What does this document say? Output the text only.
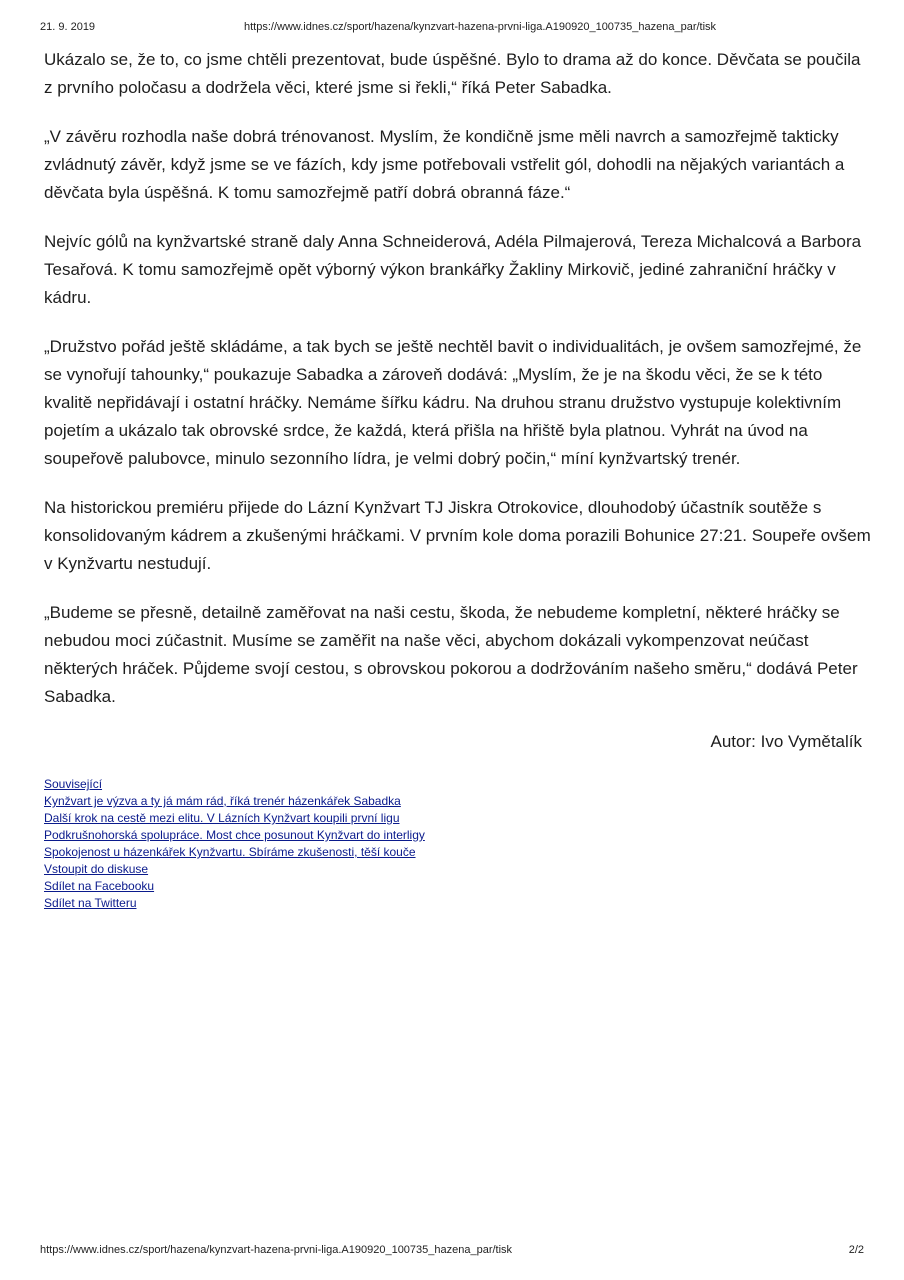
21. 9. 2019	https://www.idnes.cz/sport/hazena/kynzvart-hazena-prvni-liga.A190920_100735_hazena_par/tisk

Ukázalo se, že to, co jsme chtěli prezentovat, bude úspěšné. Bylo to drama až do konce. Děvčata se poučila z prvního poločasu a dodržela věci, které jsme si řekli,“ říká Peter Sabadka.

„V závěru rozhodla naše dobrá trénovanost. Myslím, že kondičně jsme měli navrch a samozřejmě takticky zvládnutý závěr, když jsme se ve fázích, kdy jsme potřebovali vstřelit gól, dohodli na nějakých variantách a děvčata byla úspěšná. K tomu samozřejmě patří dobrá obranná fáze.“

Nejvíc gólů na kynžvartské straně daly Anna Schneiderová, Adéla Pilmajerová, Tereza Michalcová a Barbora Tesařová. K tomu samozřejmě opět výborný výkon brankářky Žakliny Mirkovič, jediné zahraniční hráčky v kádru.

„Družstvo pořád ještě skládáme, a tak bych se ještě nechtěl bavit o individualitách, je ovšem samozřejmé, že se vynořují tahounky,“ poukazuje Sabadka a zároveň dodává: „Myslím, že je na škodu věci, že se k této kvalitě nepřidávají i ostatní hráčky. Nemáme šířku kádru. Na druhou stranu družstvo vystupuje kolektivním pojetím a ukázalo tak obrovské srdce, že každá, která přišla na hřiště byla platnou. Vyhrát na úvod na soupeřově palubovce, minulo sezonního lídra, je velmi dobrý počin,“ míní kynžvartský trenér.

Na historickou premiéru přijede do Lázní Kynžvart TJ Jiskra Otrokovice, dlouhodobý účastník soutěže s konsolidovaným kádrem a zkušenými hráčkami. V prvním kole doma porazili Bohunice 27:21. Soupeře ovšem v Kynžvartu nestudují.

„Budeme se přesně, detailně zaměřovat na naši cestu, škoda, že nebudeme kompletní, některé hráčky se nebudou moci zúčastnit. Musíme se zaměřit na naše věci, abychom dokázali vykompenzovat neúčast některých hráček. Půjdeme svojí cestou, s obrovskou pokorou a dodržováním našeho směru,“ dodává Peter Sabadka.

Autor: Ivo Vymětalík
Související
Kynžvart je výzva a ty já mám rád, říká trenér házenkářek Sabadka
Další krok na cestě mezi elitu. V Lázních Kynžvart koupili první ligu
Podkrušnohorská spolupráce. Most chce posunout Kynžvart do interligy
Spokojenost u házenkářek Kynžvartu. Sbíráme zkušenosti, těší kouče
Vstoupit do diskuse
Sdílet na Facebooku
Sdílet na Twitteru
https://www.idnes.cz/sport/hazena/kynzvart-hazena-prvni-liga.A190920_100735_hazena_par/tisk	2/2
